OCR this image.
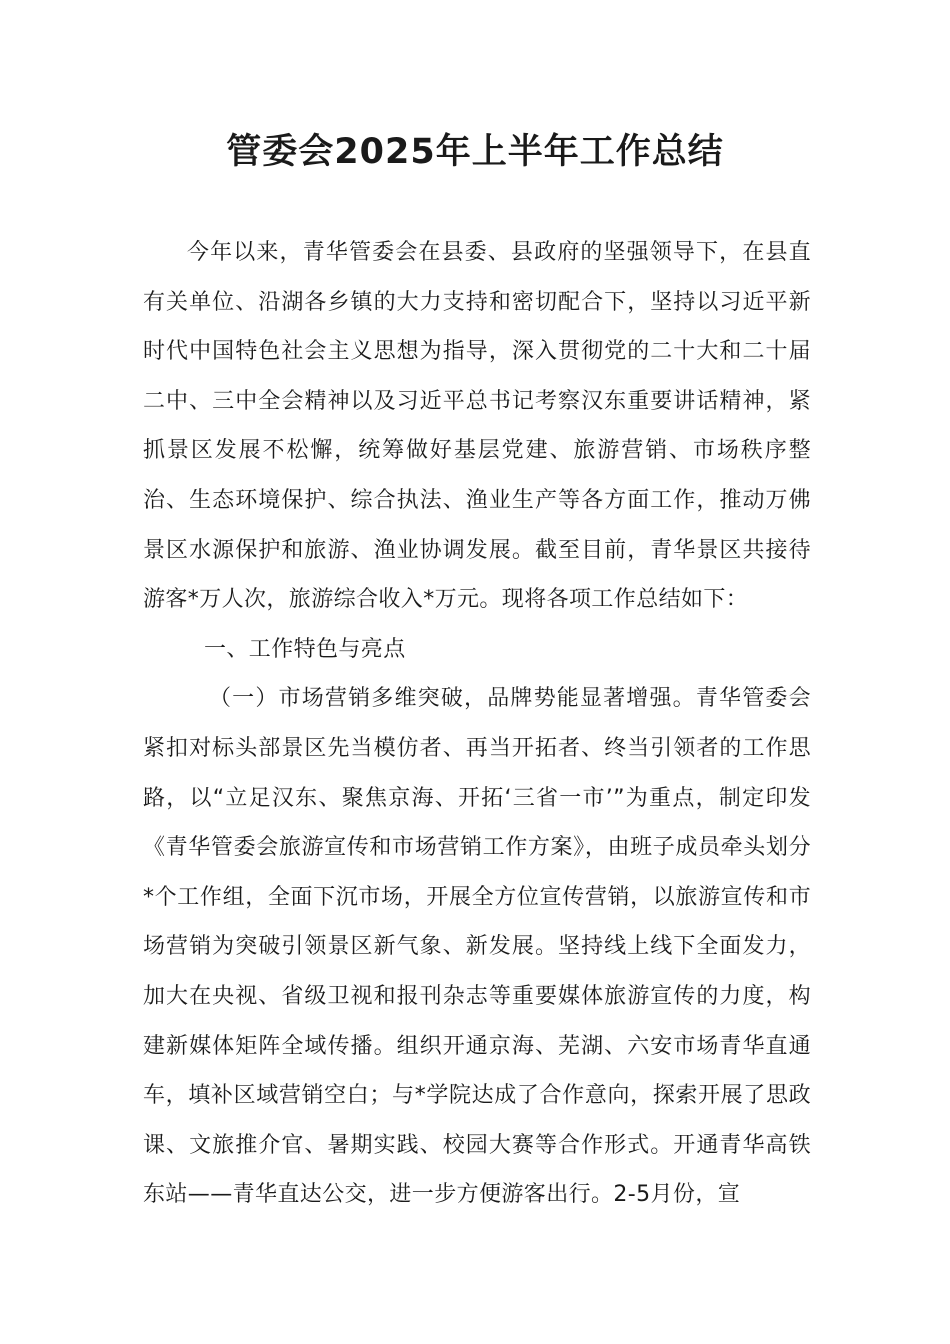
管委会2025年上半年工作总结

今年以来，青华管委会在县委、县政府的坚强领导下，在县直有关单位、沿湖各乡镇的大力支持和密切配合下，坚持以习近平新时代中国特色社会主义思想为指导，深入贯彻党的二十大和二十届二中、三中全会精神以及习近平总书记考察汉东重要讲话精神，紧抓景区发展不松懈，统筹做好基层党建、旅游营销、市场秩序整治、生态环境保护、综合执法、渔业生产等各方面工作，推动万佛景区水源保护和旅游、渔业协调发展。截至目前，青华景区共接待游客*万人次，旅游综合收入*万元。现将各项工作总结如下：

一、工作特色与亮点

（一）市场营销多维突破，品牌势能显著增强。青华管委会紧扣对标头部景区先当模仿者、再当开拓者、终当引领者的工作思路，以“立足汉东、聚焦京海、开拓‘三省一市’”为重点，制定印发《青华管委会旅游宣传和市场营销工作方案》，由班子成员牵头划分*个工作组，全面下沉市场，开展全方位宣传营销，以旅游宣传和市场营销为突破引领景区新气象、新发展。坚持线上线下全面发力，加大在央视、省级卫视和报刊杂志等重要媒体旅游宣传的力度，构建新媒体矩阵全域传播。组织开通京海、芜湖、六安市场青华直通车，填补区域营销空白；与*学院达成了合作意向，探索开展了思政课、文旅推介官、暑期实践、校园大赛等合作形式。开通青华高铁东站——青华直达公交，进一步方便游客出行。2-5月份，宣
